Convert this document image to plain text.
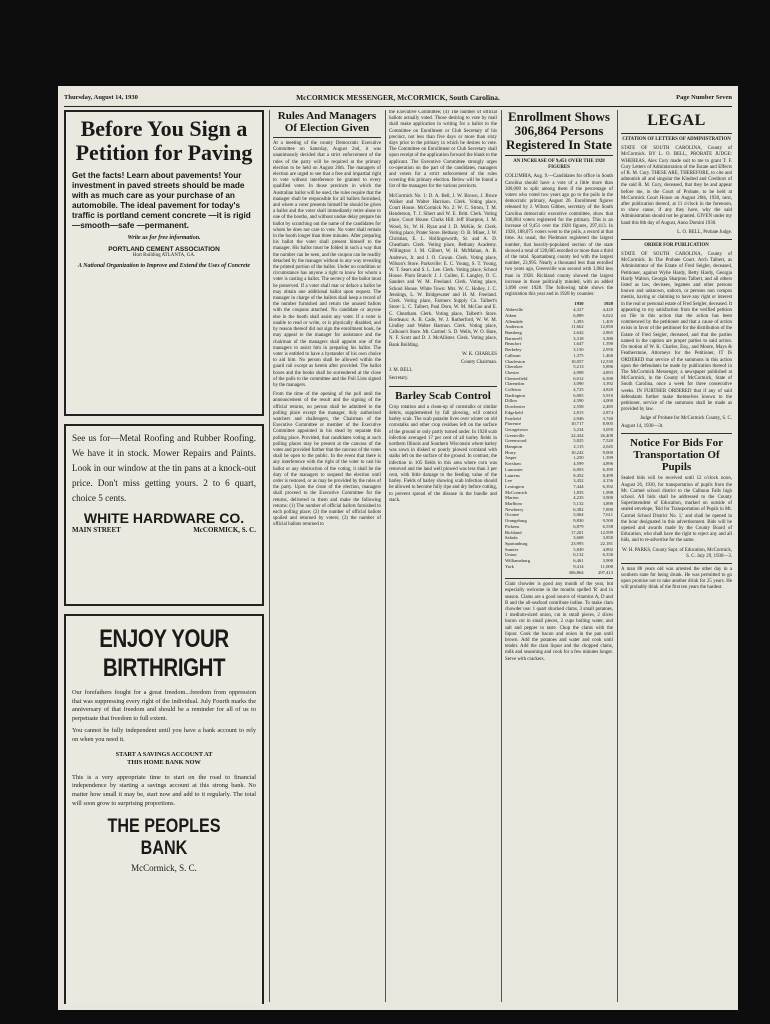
Thursday, August 14, 1930	McCORMICK MESSENGER, McCORMICK, South Carolina.	Page Number Seven
Before You Sign a Petition for Paving

Get the facts! Learn about pavements! Your investment in paved streets should be made with as much care as your purchase of an automobile. The ideal pavement for today's traffic is portland cement concrete —it is rigid—smooth—safe —permanent.

Write us for free information.
PORTLAND CEMENT ASSOCIATION
Hurt Building ATLANTA, GA.
A National Organization to Improve and Extend the Uses of Concrete

See us for—Metal Roofing and Rubber Roofing. We have it in stock. Mower Repairs and Paints. Look in our window at the tin pans at a knock-out price. Don't miss getting yours. 2 to 6 quart, choice 5 cents.

WHITE HARDWARE CO.
MAIN STREET	McCORMICK, S. C.
ENJOY YOUR BIRTHRIGHT

Our forefathers fought for a great freedom...freedom from oppression that was suppressing every right of the individual. July Fourth marks the anniversary of that freedom and should be a reminder for all of us to perpetuate that freedom to full extent.

You cannot be fully independent until you have a bank account to rely on when you need it.

START A SAVINGS ACCOUNT AT

THIS HOME BANK NOW

This is a very appropriate time to start on the road to financial independence by starting a savings account at this strong bank. No matter how small it may be, start now and add to it regularly. The total will soon grow to surprising proportions.

THE PEOPLES BANK
McCormick, S. C.
Rules And Managers Of Election Given

At a meeting of the county Democratic Executive Committee on Saturday, August 2nd, it was unanimously decided that a strict enforcement of the rules of the party will be required at the primary election to be held on August 26th. The managers of election are urged to see that a free and impartial right to vote without interference be granted to every qualified voter. In those precincts in which the Australian ballot will be used, the rules require that the manager shall be responsible for all ballots furnished, and where a voter presents himself he should be given a ballot and the voter shall immediately retire alone to one of the booths, and without undue delay prepare his ballot by scratching out the name of the candidates for whom he does not care to vote. No voter shall remain in the booth longer than three minutes. After preparing his ballot the voter shall present himself to the manager. His ballot must be folded in such a way that the number can be seen, and the coupon can be readily detached by the manager without in any way revealing the printed portion of the ballot. Under no condition or circumstance has anyone a right to know for whom a voter is casting a ballot. The secrecy of the ballot must be preserved. If a voter shall mar or deface a ballot he may obtain one additional ballot upon request. The manager in charge of the ballots shall keep a record of the number furnished and return the unused ballots with the coupons attached. No candidate or anyone else in the booth shall assist any voter. If a voter is unable to read or write, or is physically disabled, and by reason thereof did not sign the enrollment book, he may appeal to the manager for assistance and the chairman of the managers shall appoint one of the managers to assist him in preparing his ballot. The voter is entitled to have a bystander of his own choice to aid him. No person shall be allowed within the guard rail except as herein after provided. The ballot boxes and the books shall be surrendered at the close of the polls to the committee and the Poll Lists signed by the managers.

From the time of the opening of the poll until the announcement of the result and the signing of the official returns, no person shall be admitted to the polling place except the manager, duly authorized watchers and challengers, the Chairman of the Executive Committee or member of the Executive Committee appointed in his stead by separate this polling place. Provided, that candidates voting at such polling places may be present at the canvass of the votes and provided further that the canvass of the votes shall be open to the public. In the event that there is any interference with the right of the voter to cast his ballot or any obstruction of the voting, it shall be the duty of the managers to suspend the election until order is restored, or as may be provided by the rules of the party. Upon the close of the election, managers shall proceed to the Executive Committee for the returns, delivered to them and make the following returns: (1) The number of official ballots furnished to each polling place; (2) the number of official ballots spoiled and returned by voters; (3) the number of official ballots returned to

the Executive Committee; (4) The number of official ballots actually voted. Those desiring to vote by mail shall make application in writing for a ballot to the Committee on Enrollment or Club Secretary of his precinct, not less than five days or more than sixty days prior to the primary in which he desires to vote. The Committee on Enrollment or Club Secretary shall upon receipt of the application forward the blank to the applicant. The Executive Committee strongly urges co-operation on the part of the candidates, managers and voters for a strict enforcement of the rules covering this primary election. Below will be found a list of the managers for the various precincts.

McCormick No. 1: D. A. Bell, J. W. Brown, J. Bruce Walker and Walter Harrison. Clerk. Voting place, Court House. McCormick No. 2: W. C. Strom, T. M. Henderson, T. J. Sibert and W. E. Britt. Clerk. Voting place, Court House. Clarks Hill: Jeff Sharpton, J. M. Wood, Sr., W. H. Ryan and J. D. McKie, Sr. Clerk. Voting place, Prater Store. Bethany: O. B. Miner, J. W. Christian, E. L. Hollingsworth, Sr. and A. D. Cheatham. Clerk. Voting place, Bethany Academy. Willington: J. M. Gilbert, W. H. McMahan, A. B. Andrews, Jr. and J. O. Cowan. Clerk. Voting place, Wilson's Store. Parksville: E. C. Young, S. T. Young, W. T. Sears and S. L. Lee. Clerk. Voting place, School House. Plum Branch: J. J. Cullen, E. Langley, O. C. Sanders and W. M. Freeland. Clerk. Voting place, School House. White Town: Mrs. W. C. Holley, J. C. Jennings, L. W. Bridgewater and H. M. Freeland. Clerk. Voting place, Farmers Supply Co. Talbert's Store: L. C. Talbert, Paul Dorn, W. M. McCue and E. C. Cheatham. Clerk. Voting place, Talbert's Store. Bordeaux: A. B. Cade, W. J. Rutherford, W. W. M. Lindley and Walter Harmon. Clerk. Voting place, Calhoun's Store. Mt. Carmel: S. D. Wells, W. O. Hare, N. F. Scott and D. J. McAllister. Clerk. Voting place, Bank Building.

W. K. CHARLES
County Chairman.
J. M. BELL
Secretary.
Barley Scab Control

Crop rotation and a clean-up of cornstalks or similar debris, supplemented by fall plowing, will control barley scab. The scab parasite lives over winter on old cornstalks and other crop residues left on the surface of the ground or only partly turned under. In 1928 scab infection averaged 17 per cent of all barley fields in northern Illinois and Southern Wisconsin where barley was sown in disked or poorly plowed cornland with stalks left on the surface of the ground. In contrast, the infection in 105 fields in this area where corn was removed and the land well plowed was less than 3 per cent, with little damage to the feeding value of the barley. Fields of barley showing scab infection should be allowed to become fully ripe and dry before cutting, to prevent spread of the disease in the bundle and stack.

Enrollment Shows 306,864 Persons Registered In State
AN INCREASE OF 9,451 OVER THE 1928 FIGURES

COLUMBIA, Aug. 9.—Candidates for office in South Carolina should have a vote of a little more than 300,000 to split among them if the percentage of voters who voted two years ago go to the polls in the democratic primary, August 26. Enrollment figures released by J. Wilson Gibbes, secretary of the South Carolina democratic executive committee, show that 306,864 voters registered for the primary. This is an increase of 9,451 over the 1928 figures, 297,413. In 1928, 188,075 voters went to the polls, a record at that time. As usual, the Piedmont registered the largest number, that heavily-populated section of the state showed a total of 128,685 enrolled or more than a third of the total. Spartanburg county led with the largest number, 23,995. Nearly a thousand less than enrolled two years ago, Greenville was second with 3,984 less than in 1928. Richland county showed the largest increase in those politically minded, with an added 3,098 over 1928. The following table shows the registration this year and in 1928 by counties:

	1930	1928
Abbeville	4,327	4,420
Aiken	6,889	6,022
Allendale	1,493	1,405
Anderson	11,662	12,850
Bamberg	2,642	2,865
Barnwell	3,318	3,380
Beaufort	1,647	1,390
Berkeley	3,150	2,950
Calhoun	1,375	1,460
Charleston	10,057	12,530
Cherokee	5,213	5,896
Chester	4,998	4,893
Chesterfield	6,012	6,390
Clarendon	3,090	3,392
Colleton	4,725	4,820
Darlington	6,005	5,910
Dillon	4,590	4,000
Dorchester	2,558	2,485
Edgefield	2,815	2,874
Fairfield	2,946	3,740
Florence	10,717	8,905
Georgetown	3,234	3,050
Greenville	22,424	26,408
Greenwood	5,825	7,520
Hampton	2,115	2,045
Horry	10,242	9,000
Jasper	1,250	1,399
Kershaw	4,599	4,896
Lancaster	6,003	6,390
Laurens	8,452	8,499
Lee	3,452	4,156
Lexington	7,444	6,392
McCormick	1,835	1,998
Marion	4,235	3,900
Marlboro	5,132	3,890
Newberry	6,382	7,890
Oconee	5,064	7,611
Orangeburg	9,830	9,500
Pickens	6,879	6,558
Richland	17,201	12,599
Saluda	3,608	3,850
Spartanburg	23,995	22,181
Sumter	5,849	4,892
Union	6,132	6,330
Williamsburg	6,461	3,900
York	9,414	11,000
	306,864	297,413

Clam chowder is good any month of the year, but especially welcome in the months spelled 'R' and in season. Clams are a good source of vitamins A, D and B and the all-seafood contribute iodine. To make clam chowder use: 1 quart shucked clams, 3 small potatoes, 1 medium-sized onion, cut in small pieces, 2 slices bacon cut in small pieces, 2 cups boiling water, and salt and pepper to taste. Chop the clams with the liquor. Cook the bacon and onion in the pan until brown. Add the potatoes and water and cook until tender. Add the clam liquor and the chopped clams, milk and seasoning and cook for a few minutes longer. Serve with crackers.

LEGAL
CITATION OF LETTERS OF ADMINISTRATION

STATE OF SOUTH CAROLINA, County of McCormick. BY L. O. BELL, PROBATE JUDGE: WHEREAS, Alex Cury made suit to me to grant T. F. Cury Letters of Administration of the Estate and Effects of R. M. Cury. THESE ARE, THEREFORE, to cite and admonish all and singular the Kindred and Creditors of the said R. M. Cury, deceased, that they be and appear before me, in the Court of Probate, to be held at McCormick Court House on August 26th, 1930, next, after publication thereof, at 11 o'clock in the forenoon, to show cause, if any they have, why the said Administration should not be granted. GIVEN under my hand this 8th day of August, Anno Domini 1930.

L. O. BELL, Probate Judge.
ORDER FOR PUBLICATION

STATE OF SOUTH CAROLINA, County of McCormick. In The Probate Court. Arch Talbert, as Administrator of the Estate of Fred Seigler, deceased, Petitioner, against Wylie Hardy, Betty Hardy, Georgia Hardy Walton, Georgia Sharpton Talbert, and all others listed as law, devisees, legatees and other persons known and unknown, unborn, or persons non compos mentis, having or claiming to have any right or interest in the real or personal estate of Fred Seigler, deceased. It appearing to my satisfaction from the verified petition on file in this action that the action has been commenced by the petitioner and that a cause of action exists in favor of the petitioner for the distribution of the Estate of Fred Seigler, deceased, and that the parties named in the caption are proper parties to said action. On motion of W. K. Charles, Esq., and Moore, Mays & Featherstone, Attorneys for the Petitioner, IT IS ORDERED that service of the summons in this action upon the defendants be made by publication thereof in The McCormick Messenger, a newspaper published at McCormick, in the County of McCormick, State of South Carolina, once a week for three consecutive weeks. IN FURTHER ORDERED that if any of said defendants further make themselves known to the petitioner, service of the summons shall be made as provided by law.

Judge of Probate for McCormick County, S. C.
August 14, 1930—3t.
Notice For Bids For Transportation Of Pupils

Sealed bids will be received until 12 o'clock noon, August 26, 1930, for transportation of pupils from the Mt. Carmel school district to the Calhoun Falls high school. All bids shall be addressed to the County Superintendent of Education, marked on outside of sealed envelope, 'Bid for Transportation of Pupils in Mt. Carmel School District No. 1,' and shall be opened in the hour designated in this advertisement. Bids will be opened and awards made by the County Board of Education, who shall have the right to reject any and all bids, and to re-advertise for the same.

W. H. PARKS, County Supt. of Education, McCormick, S. C. July 29, 1930—3.

A man 88 years old was arrested the other day in a southern state for being drunk. He was permitted to go upon promise not to take another drink for 25 years. He will probably think of the first ten years the hardest.
